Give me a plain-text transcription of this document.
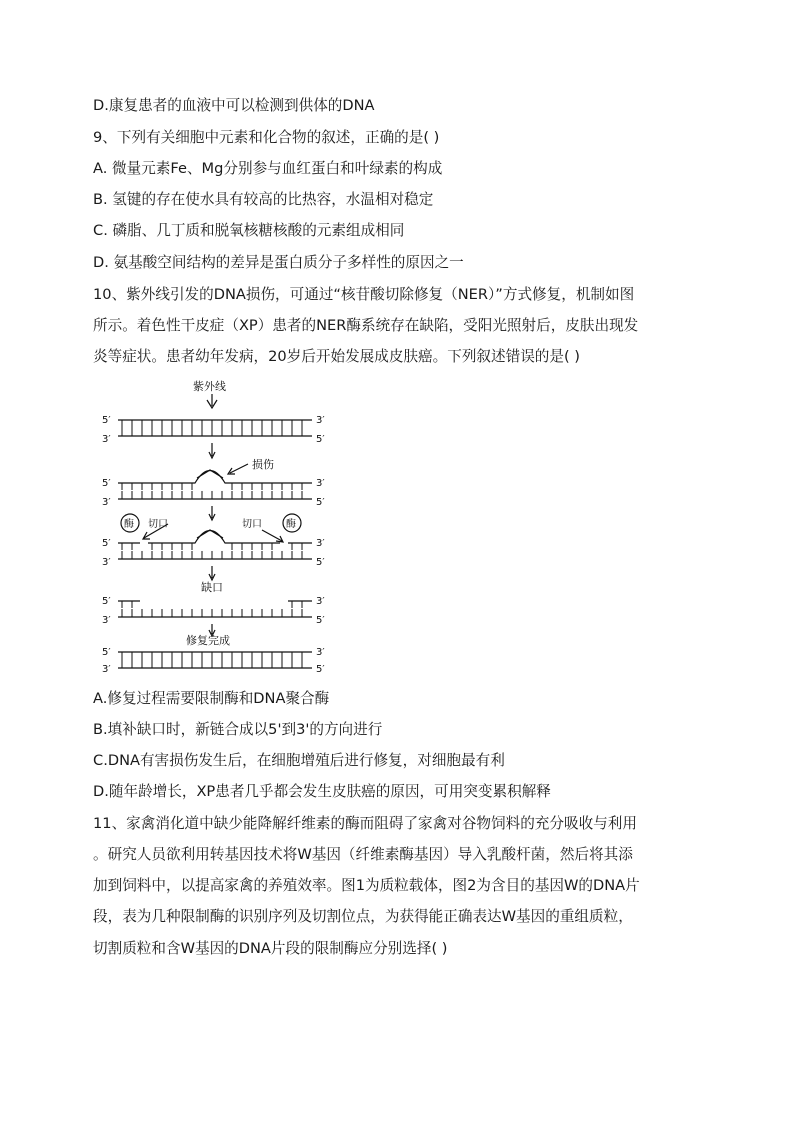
D.康复患者的血液中可以检测到供体的DNA
9、下列有关细胞中元素和化合物的叙述，正确的是( )
A. 微量元素Fe、Mg分别参与血红蛋白和叶绿素的构成
B. 氢键的存在使水具有较高的比热容，水温相对稳定
C. 磷脂、几丁质和脱氧核糖核酸的元素组成相同
D. 氨基酸空间结构的差异是蛋白质分子多样性的原因之一
10、紫外线引发的DNA损伤，可通过“核苷酸切除修复（NER）”方式修复，机制如图
所示。着色性干皮症（XP）患者的NER酶系统存在缺陷，受阳光照射后，皮肤出现发
炎等症状。患者幼年发病，20岁后开始发展成皮肤癌。下列叙述错误的是( )
紫外线
5′
3′
3′
5′
5′
3′
3′
5′
损伤
酶 切口	酶
切口
5′
3′
3′
5′
缺口
5′
3′
3′
5′
修复完成
5′
3′
3′
5′
A.修复过程需要限制酶和DNA聚合酶
B.填补缺口时，新链合成以5'到3'的方向进行
C.DNA有害损伤发生后，在细胞增殖后进行修复，对细胞最有利
D.随年龄增长，XP患者几乎都会发生皮肤癌的原因，可用突变累积解释
11、家禽消化道中缺少能降解纤维素的酶而阻碍了家禽对谷物饲料的充分吸收与利用
。研究人员欲利用转基因技术将W基因（纤维素酶基因）导入乳酸杆菌，然后将其添
加到饲料中，以提高家禽的养殖效率。图1为质粒载体，图2为含目的基因W的DNA片
段，表为几种限制酶的识别序列及切割位点，为获得能正确表达W基因的重组质粒，
切割质粒和含W基因的DNA片段的限制酶应分别选择( )
